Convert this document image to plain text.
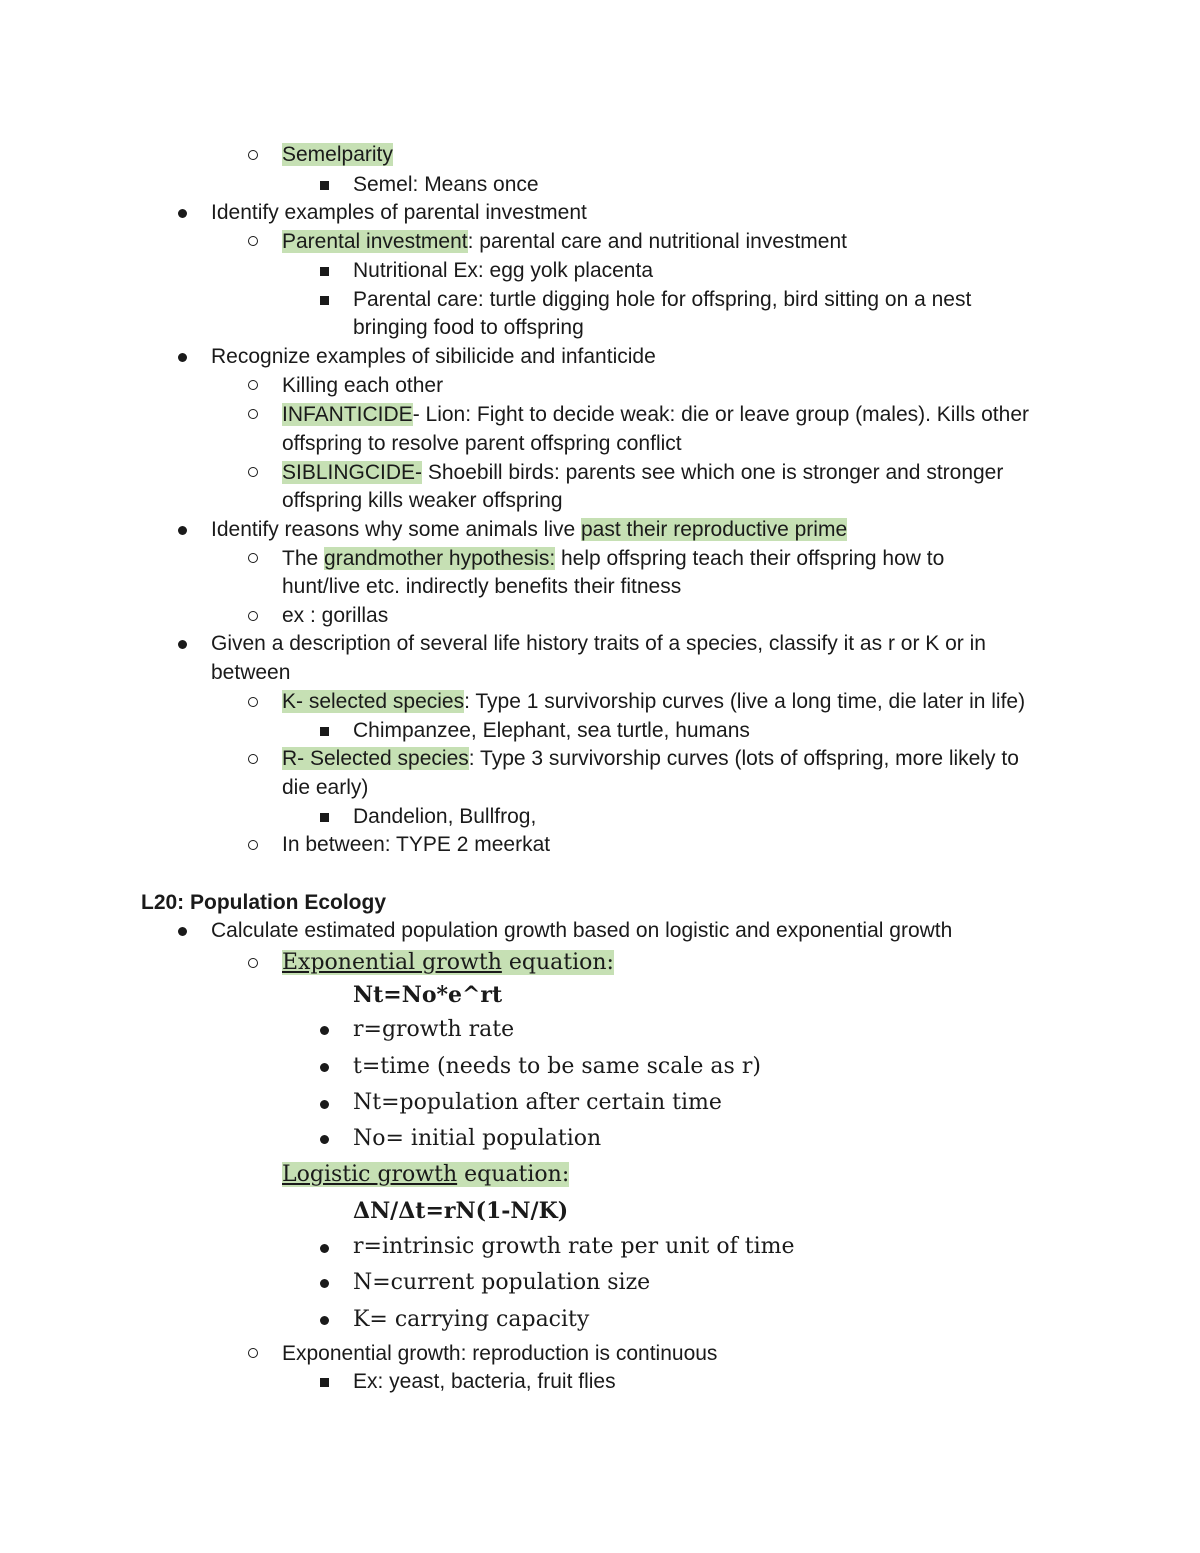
Semelparity
Semel: Means once
Identify examples of parental investment
Parental investment: parental care and nutritional investment
Nutritional Ex: egg yolk placenta
Parental care: turtle digging hole for offspring, bird sitting on a nest
bringing food to offspring
Recognize examples of sibilicide and infanticide
Killing each other
INFANTICIDE- Lion: Fight to decide weak: die or leave group (males). Kills other
offspring to resolve parent offspring conflict
SIBLINGCIDE- Shoebill birds: parents see which one is stronger and stronger
offspring kills weaker offspring
Identify reasons why some animals live past their reproductive prime
The grandmother hypothesis: help offspring teach their offspring how to
hunt/live etc. indirectly benefits their fitness
ex : gorillas
Given a description of several life history traits of a species, classify it as r or K or in
between
K- selected species: Type 1 survivorship curves (live a long time, die later in life)
Chimpanzee, Elephant, sea turtle, humans
R- Selected species: Type 3 survivorship curves (lots of offspring, more likely to
die early)
Dandelion, Bullfrog,
In between: TYPE 2 meerkat
L20: Population Ecology
Calculate estimated population growth based on logistic and exponential growth
Exponential growth equation:
Nt=No*e^rt
r=growth rate
t=time (needs to be same scale as r)
Nt=population after certain time
No= initial population
Logistic growth equation:
ΔN/Δt=rN(1-N/K)
r=intrinsic growth rate per unit of time
N=current population size
K= carrying capacity
Exponential growth: reproduction is continuous
Ex: yeast, bacteria, fruit flies
